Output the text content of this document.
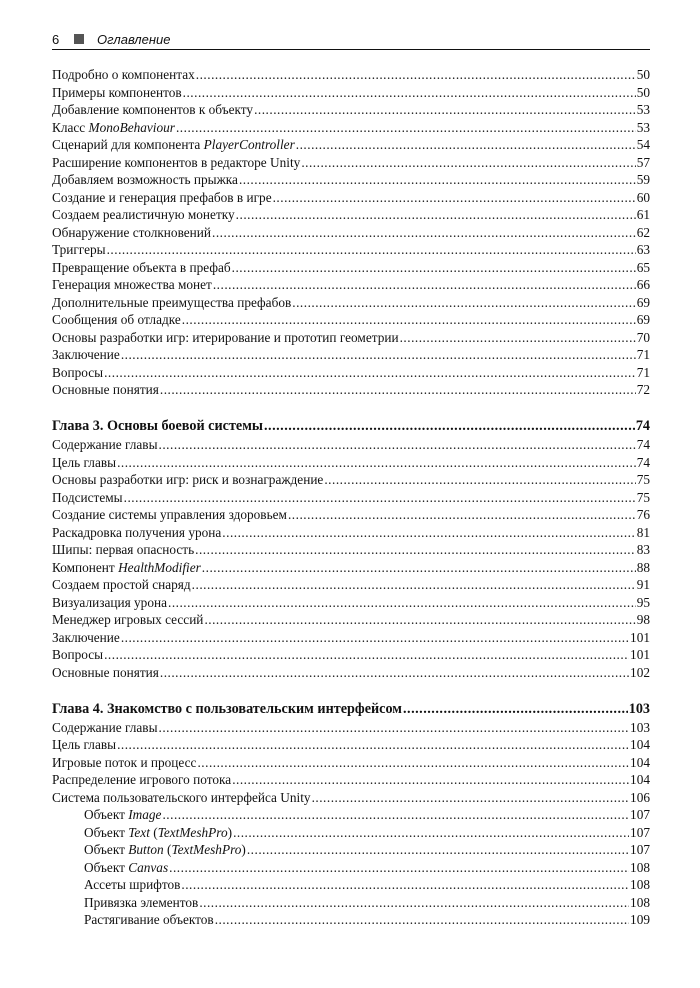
6	Оглавление
Подробно о компонентах .....	50
Примеры компонентов .....	50
Добавление компонентов к объекту .....	53
Класс MonoBehaviour .....	53
Сценарий для компонента PlayerController .....	54
Расширение компонентов в редакторе Unity .....	57
Добавляем возможность прыжка .....	59
Создание и генерация префабов в игре .....	60
Создаем реалистичную монетку .....	61
Обнаружение столкновений .....	62
Триггеры .....	63
Превращение объекта в префаб .....	65
Генерация множества монет .....	66
Дополнительные преимущества префабов .....	69
Сообщения об отладке .....	69
Основы разработки игр: итерирование и прототип геометрии .....	70
Заключение .....	71
Вопросы .....	71
Основные понятия .....	72
Глава 3. Основы боевой системы .....	74
Содержание главы .....	74
Цель главы .....	74
Основы разработки игр: риск и вознаграждение .....	75
Подсистемы .....	75
Создание системы управления здоровьем .....	76
Раскадровка получения урона .....	81
Шипы: первая опасность .....	83
Компонент HealthModifier .....	88
Создаем простой снаряд .....	91
Визуализация урона .....	95
Менеджер игровых сессий .....	98
Заключение .....	101
Вопросы .....	101
Основные понятия .....	102
Глава 4. Знакомство с пользовательским интерфейсом .....	103
Содержание главы .....	103
Цель главы .....	104
Игровые поток и процесс .....	104
Распределение игрового потока .....	104
Система пользовательского интерфейса Unity .....	106
Объект Image .....	107
Объект Text (TextMeshPro) .....	107
Объект Button (TextMeshPro) .....	107
Объект Canvas .....	108
Ассеты шрифтов .....	108
Привязка элементов .....	108
Растягивание объектов .....	109
